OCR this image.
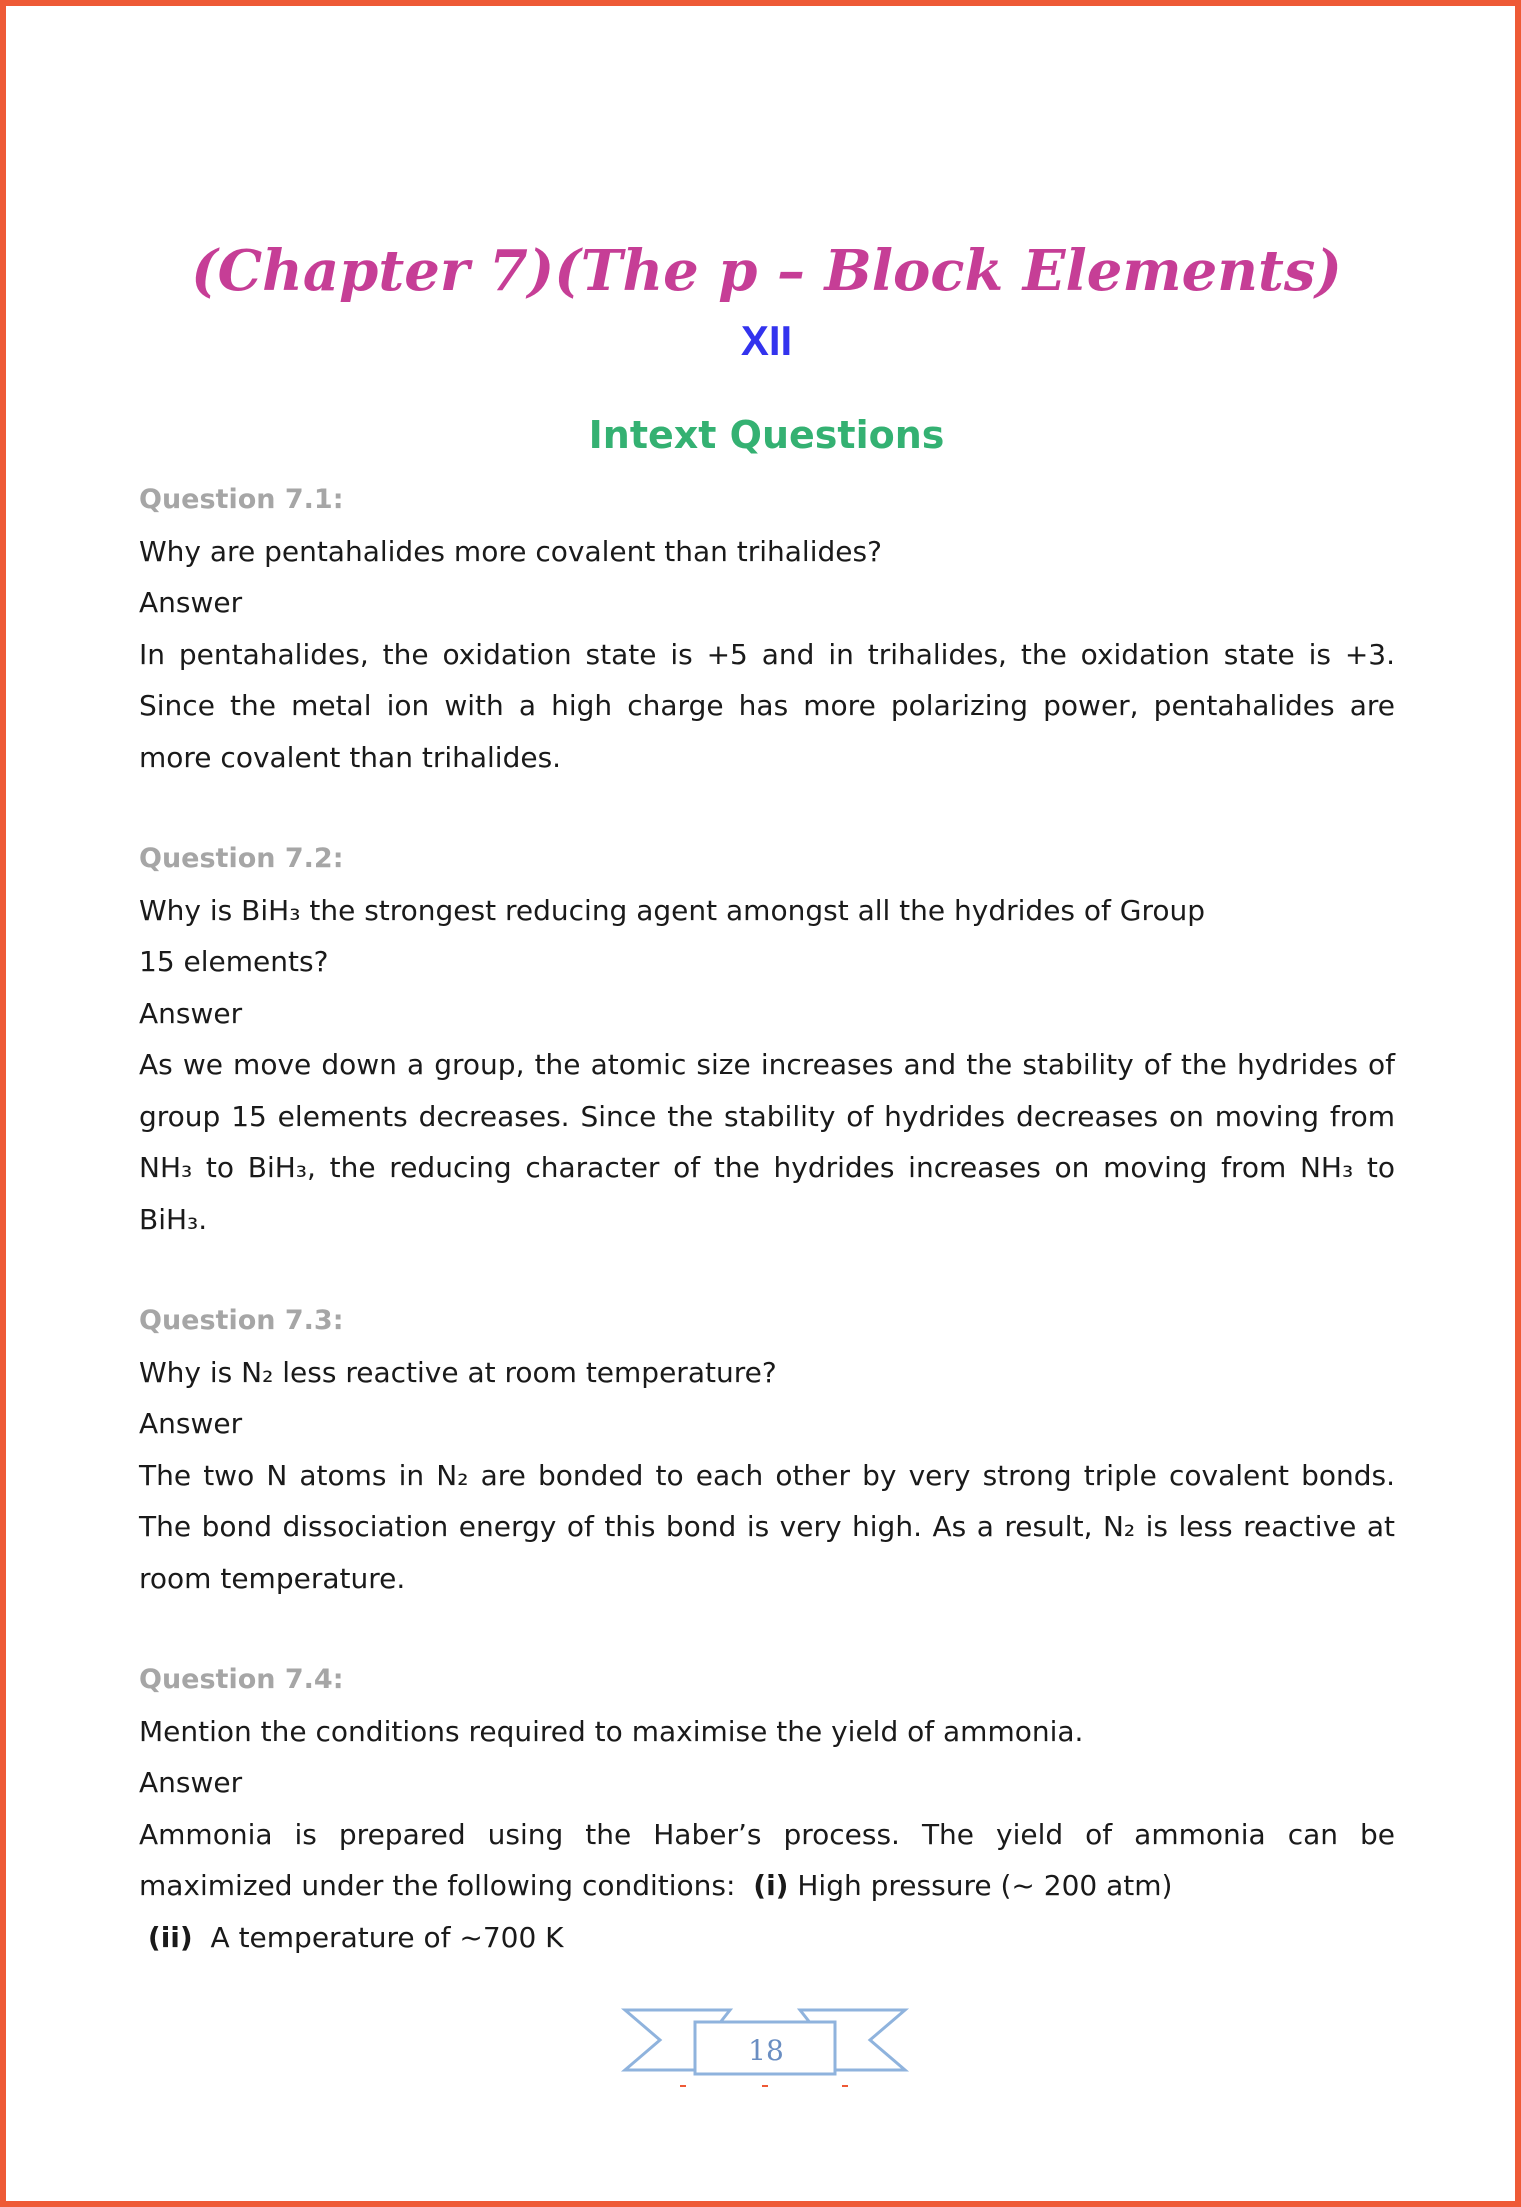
(Chapter 7)(The p – Block Elements)
XII
Intext Questions
Question 7.1:

Why are pentahalides more covalent than trihalides?

Answer

In pentahalides, the oxidation state is +5 and in trihalides, the oxidation state is +3. Since the metal ion with a high charge has more polarizing power, pentahalides are more covalent than trihalides.

Question 7.2:

Why is BiH₃ the strongest reducing agent amongst all the hydrides of Group

15 elements?

Answer

As we move down a group, the atomic size increases and the stability of the hydrides of group 15 elements decreases. Since the stability of hydrides decreases on moving from NH₃ to BiH₃, the reducing character of the hydrides increases on moving from NH₃ to BiH₃.

Question 7.3:

Why is N₂ less reactive at room temperature?

Answer

The two N atoms in N₂ are bonded to each other by very strong triple covalent bonds. The bond dissociation energy of this bond is very high. As a result, N₂ is less reactive at room temperature.

Question 7.4:

Mention the conditions required to maximise the yield of ammonia.

Answer

Ammonia is prepared using the Haber’s process. The yield of ammonia can be maximized under the following conditions: (i) High pressure (~ 200 atm)

(ii) A temperature of ~700 K

18
